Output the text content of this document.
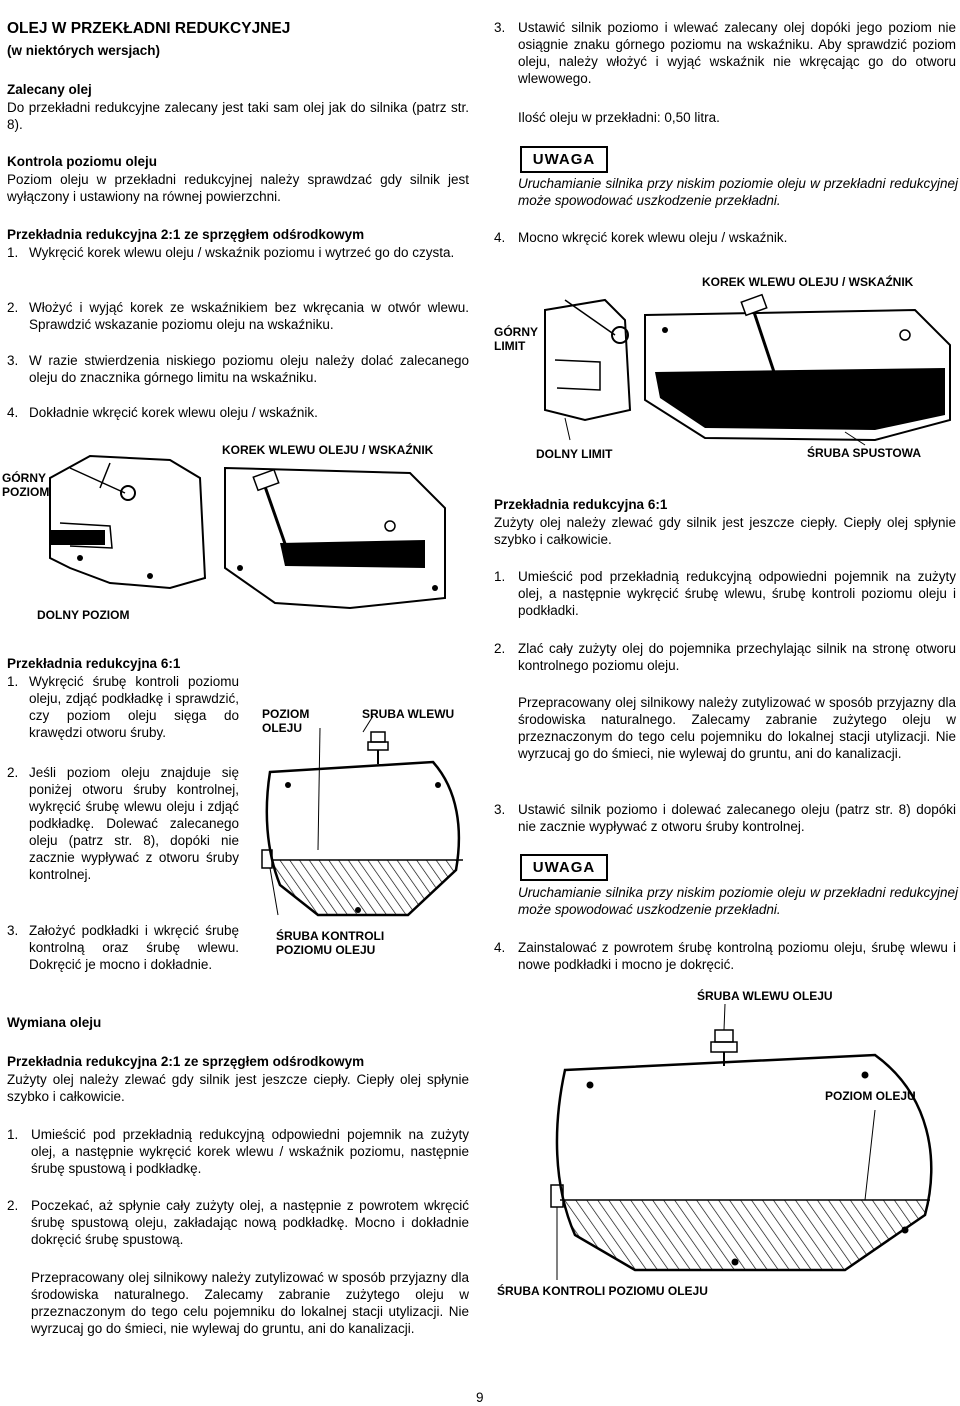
OLEJ W PRZEKŁADNI REDUKCYJNEJ
(w niektórych wersjach)
Zalecany olej
Do przekładni redukcyjne zalecany jest taki sam olej jak do silnika (patrz str. 8).
Kontrola poziomu oleju
Poziom oleju w przekładni redukcyjnej należy sprawdzać gdy silnik jest wyłączony i ustawiony na równej powierzchni.
Przekładnia redukcyjna 2:1 ze sprzęgłem odśrodkowym
1. Wykręcić korek wlewu oleju / wskaźnik poziomu i wytrzeć go do czysta.
2. Włożyć i wyjąć korek ze wskaźnikiem bez wkręcania w otwór wlewu. Sprawdzić wskazanie poziomu oleju na wskaźniku.
3. W razie stwierdzenia niskiego poziomu oleju należy dolać zalecanego oleju do znacznika górnego limitu na wskaźniku.
4. Dokładnie wkręcić korek wlewu oleju / wskaźnik.
GÓRNY
POZIOM
KOREK WLEWU OLEJU / WSKAŹNIK
DOLNY POZIOM
Przekładnia redukcyjna 6:1
1. Wykręcić śrubę kontroli poziomu oleju, zdjąć podkładkę i sprawdzić, czy poziom oleju sięga do krawędzi otworu śruby.
2. Jeśli poziom oleju znajduje się poniżej otworu śruby kontrolnej, wykręcić śrubę wlewu oleju i zdjąć podkładkę. Dolewać zalecanego oleju (patrz str. 8), dopóki nie zacznie wypływać z otworu śruby kontrolnej.
3. Założyć podkładki i wkręcić śrubę kontrolną oraz śrubę wlewu. Dokręcić je mocno i dokładnie.
POZIOM
OLEJU
SRUBA WLEWU
ŚRUBA KONTROLI
POZIOMU OLEJU
Wymiana oleju
Przekładnia redukcyjna 2:1 ze sprzęgłem odśrodkowym
Zużyty olej należy zlewać gdy silnik jest jeszcze ciepły. Ciepły olej spłynie szybko i całkowicie.
1. Umieścić pod przekładnią redukcyjną odpowiedni pojemnik na zużyty olej, a następnie wykręcić korek wlewu / wskaźnik poziomu, następnie śrubę spustową i podkładkę.
2. Poczekać, aż spłynie cały zużyty olej, a następnie z powrotem wkręcić śrubę spustową oleju, zakładając nową podkładkę. Mocno i dokładnie dokręcić śrubę spustową.
Przepracowany olej silnikowy należy zutylizować w sposób przyjazny dla środowiska naturalnego. Zalecamy zabranie zużytego oleju w przeznaczonym do tego celu pojemniku do lokalnej stacji utylizacji. Nie wyrzucaj go do śmieci, nie wylewaj do gruntu, ani do kanalizacji.
3. Ustawić silnik poziomo i wlewać zalecany olej dopóki jego poziom nie osiągnie znaku górnego poziomu na wskaźniku. Aby sprawdzić poziom oleju, należy włożyć i wyjąć wskaźnik nie wkręcając go do otworu wlewowego.
Ilość oleju w przekładni: 0,50 litra.
UWAGA
Uruchamianie silnika przy niskim poziomie oleju w przekładni redukcyjnej może spowodować uszkodzenie przekładni.
4. Mocno wkręcić korek wlewu oleju / wskaźnik.
KOREK WLEWU OLEJU / WSKAŹNIK
GÓRNY
LIMIT
DOLNY LIMIT	ŚRUBA SPUSTOWA
Przekładnia redukcyjna 6:1
Zużyty olej należy zlewać gdy silnik jest jeszcze ciepły. Ciepły olej spłynie szybko i całkowicie.
1. Umieścić pod przekładnią redukcyjną odpowiedni pojemnik na zużyty olej, a następnie wykręcić śrubę wlewu, śrubę kontroli poziomu oleju i podkładki.
2. Zlać cały zużyty olej do pojemnika przechylając silnik na stronę otworu kontrolnego poziomu oleju.
Przepracowany olej silnikowy należy zutylizować w sposób przyjazny dla środowiska naturalnego. Zalecamy zabranie zużytego oleju w przeznaczonym do tego celu pojemniku do lokalnej stacji utylizacji. Nie wyrzucaj go do śmieci, nie wylewaj do gruntu, ani do kanalizacji.
3. Ustawić silnik poziomo i dolewać zalecanego oleju (patrz str. 8) dopóki nie zacznie wypływać z otworu śruby kontrolnej.
UWAGA
Uruchamianie silnika przy niskim poziomie oleju w przekładni redukcyjnej może spowodować uszkodzenie przekładni.
4. Zainstalować z powrotem śrubę kontrolną poziomu oleju, śrubę wlewu i nowe podkładki i mocno je dokręcić.
ŚRUBA WLEWU OLEJU
POZIOM OLEJU
ŚRUBA KONTROLI POZIOMU OLEJU
9
